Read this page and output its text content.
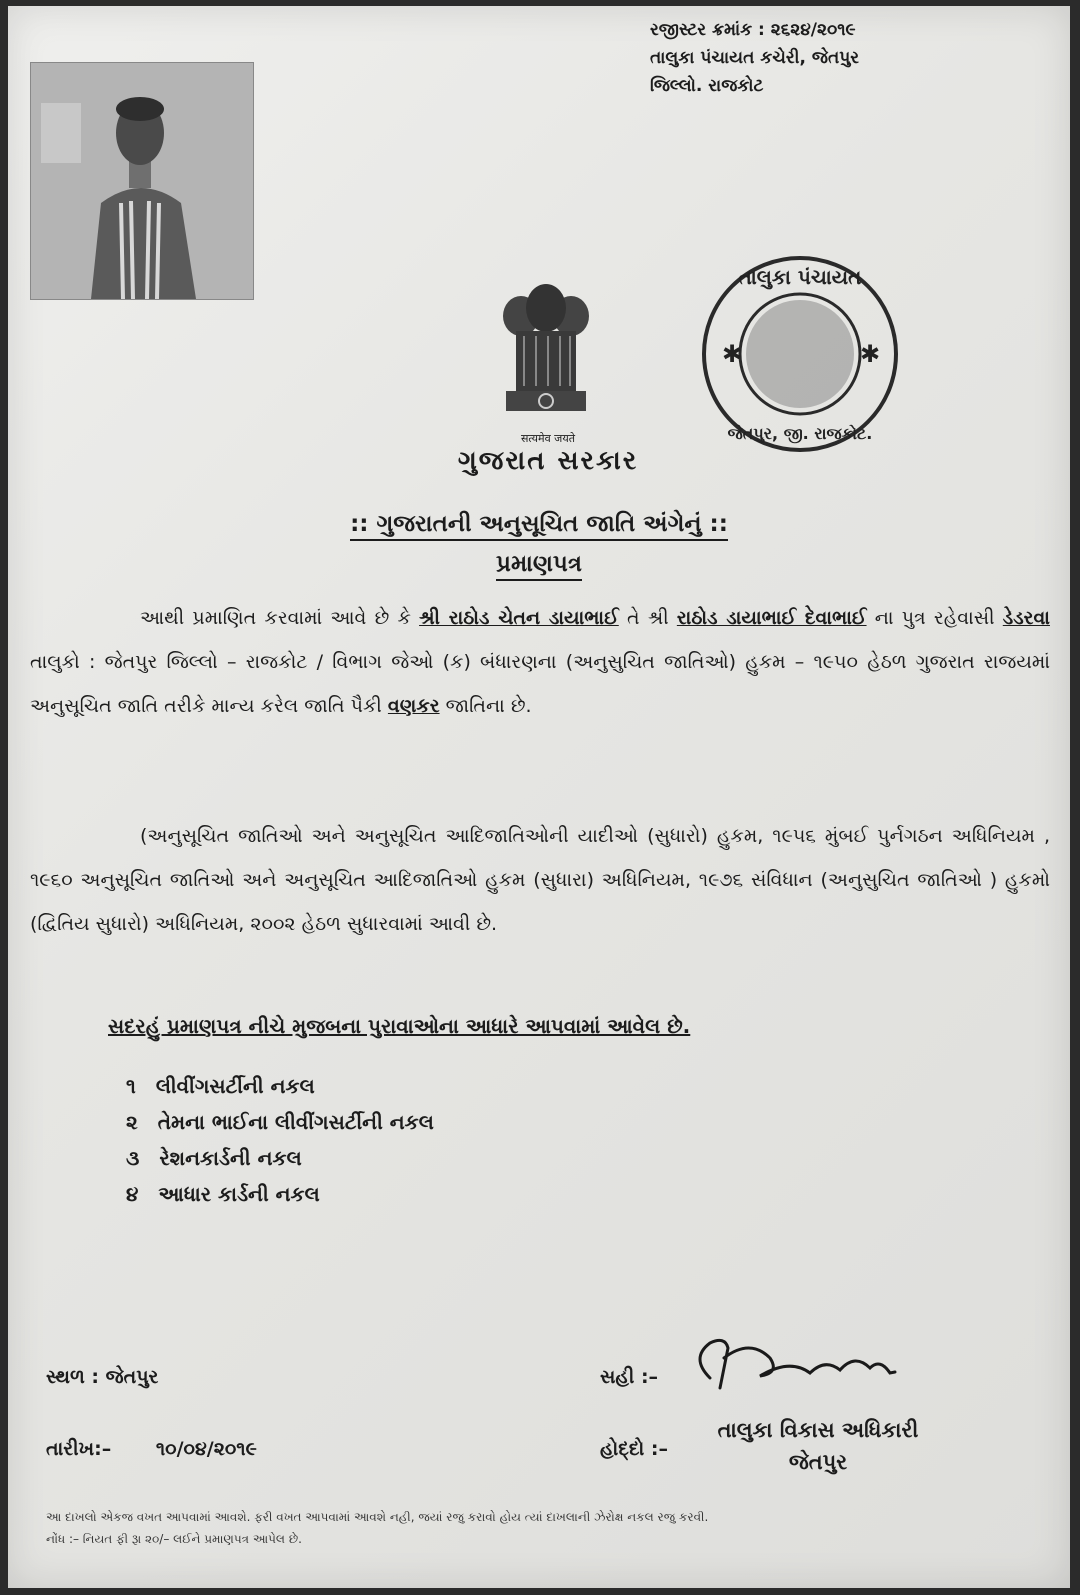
રજીસ્ટર ક્રમાંક : ૨૬૨૪/૨૦૧૯
તાલુકા પંચાયત કચેરી, જેતપુર
જિલ્લો. રાજકોટ
सत्यमेव जयते
ગુજરાત સરકાર
તાલુકા પંચાયત
જેતપુર, જી. રાજકોટ.
✱	✱
:: ગુજરાતની અનુસૂચિત જાતિ અંગેનું ::
પ્રમાણપત્ર
આથી પ્રમાણિત કરવામાં આવે છે કે શ્રી રાઠોડ ચેતન ડાયાભાઈ તે શ્રી રાઠોડ ડાયાભાઈ દેવાભાઈ ના પુત્ર રહેવાસી ડેડરવા તાલુકો : જેતપુર જિલ્લો – રાજકોટ / વિભાગ જેઓ (ક) બંધારણના (અનુસુચિત જાતિઓ) હુકમ – ૧૯૫૦ હેઠળ ગુજરાત રાજયમાં અનુસૂચિત જાતિ તરીકે માન્ય કરેલ જાતિ પૈકી વણકર જાતિના છે.
(અનુસૂચિત જાતિઓ અને અનુસૂચિત આદિજાતિઓની યાદીઓ (સુધારો) હુકમ, ૧૯૫૬ મુંબઈ પુર્નગઠન અધિનિયમ , ૧૯૬૦ અનુસૂચિત જાતિઓ અને અનુસૂચિત આદિજાતિઓ હુકમ (સુધારા) અધિનિયમ, ૧૯૭૬ સંવિધાન (અનુસુચિત જાતિઓ ) હુકમો (દ્વિતિય સુધારો) અધિનિયમ, ૨૦૦૨ હેઠળ સુધારવામાં આવી છે.
સદરહું પ્રમાણપત્ર નીચે મુજબના પુરાવાઓના આધારે આપવામાં આવેલ છે.
૧ લીવીંગસર્ટીની નકલ
૨ તેમના ભાઈના લીવીંગસર્ટીની નકલ
૩ રેશનકાર્ડની નકલ
૪ આધાર કાર્ડની નકલ
સ્થળ : જેતપુર
તારીખ:– ૧૦/૦૪/૨૦૧૯
સહી :–
હોદ્દો :–
તાલુકા વિકાસ અધિકારી
જેતપુર
આ દાખલો એકજ વખત આપવામાં આવશે. ફરી વખત આપવામાં આવશે નહી, જયાં રજુ કરાવો હોય ત્યાં દાખલાની ઝેરોક્ષ નકલ રજુ કરવી.
નોંધ :– નિયત ફી રૂા ૨૦/– લઈને પ્રમાણપત્ર આપેલ છે.
